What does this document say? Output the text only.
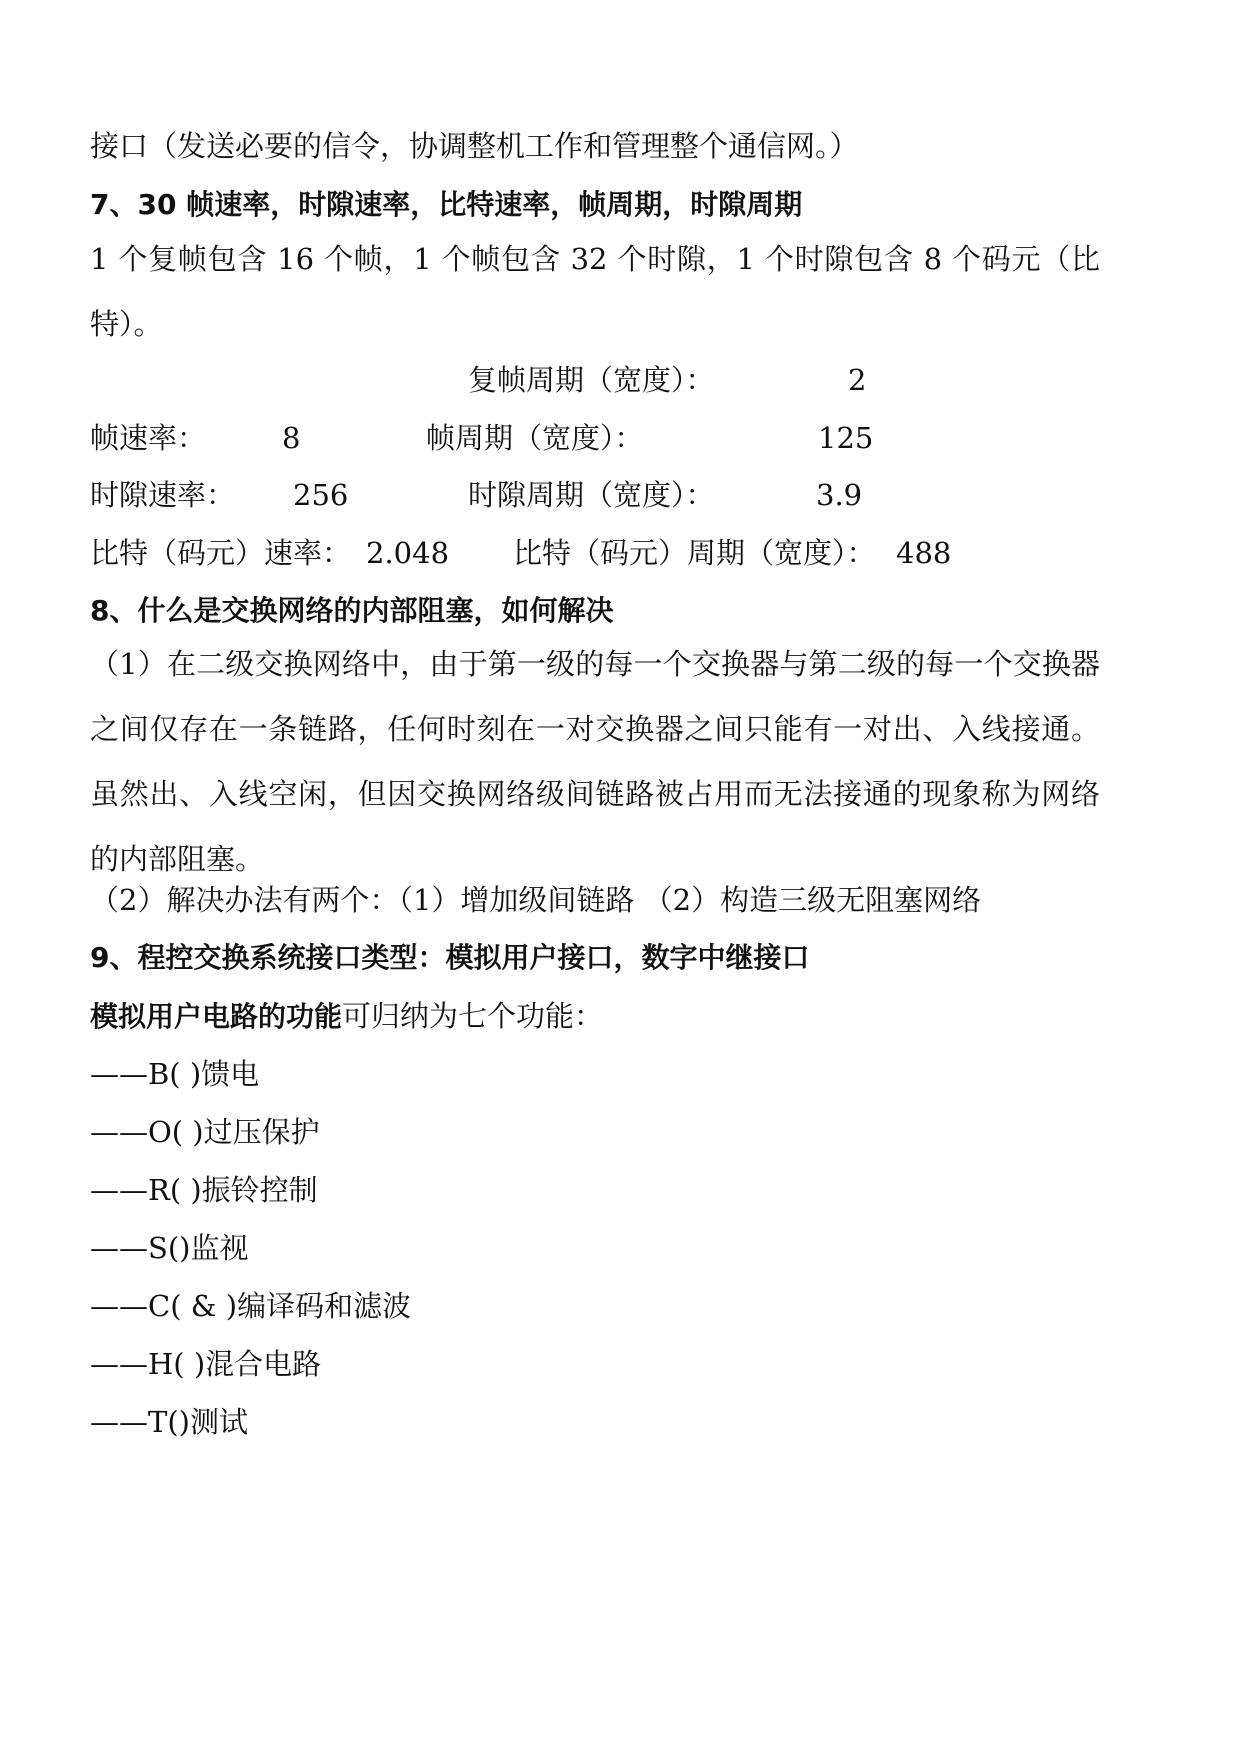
接口（发送必要的信令，协调整机工作和管理整个通信网。）
7、30 帧速率，时隙速率，比特速率，帧周期，时隙周期
1 个复帧包含 16 个帧，1 个帧包含 32 个时隙，1 个时隙包含 8 个码元（比特）。
复帧周期（宽度）：	2
帧速率：	8	帧周期（宽度）：	125
时隙速率： 256	时隙周期（宽度）：	3.9
比特（码元）速率： 2.048 比特（码元）周期（宽度）： 488
8、什么是交换网络的内部阻塞，如何解决
（1）在二级交换网络中，由于第一级的每一个交换器与第二级的每一个交换器之间仅存在一条链路，任何时刻在一对交换器之间只能有一对出、入线接通。虽然出、入线空闲，但因交换网络级间链路被占用而无法接通的现象称为网络的内部阻塞。
（2）解决办法有两个：（1）增加级间链路 （2）构造三级无阻塞网络
9、程控交换系统接口类型：模拟用户接口，数字中继接口
模拟用户电路的功能可归纳为七个功能：
——B( )馈电
——O( )过压保护
——R( )振铃控制
——S()监视
——C( & )编译码和滤波
——H( )混合电路
——T()测试
